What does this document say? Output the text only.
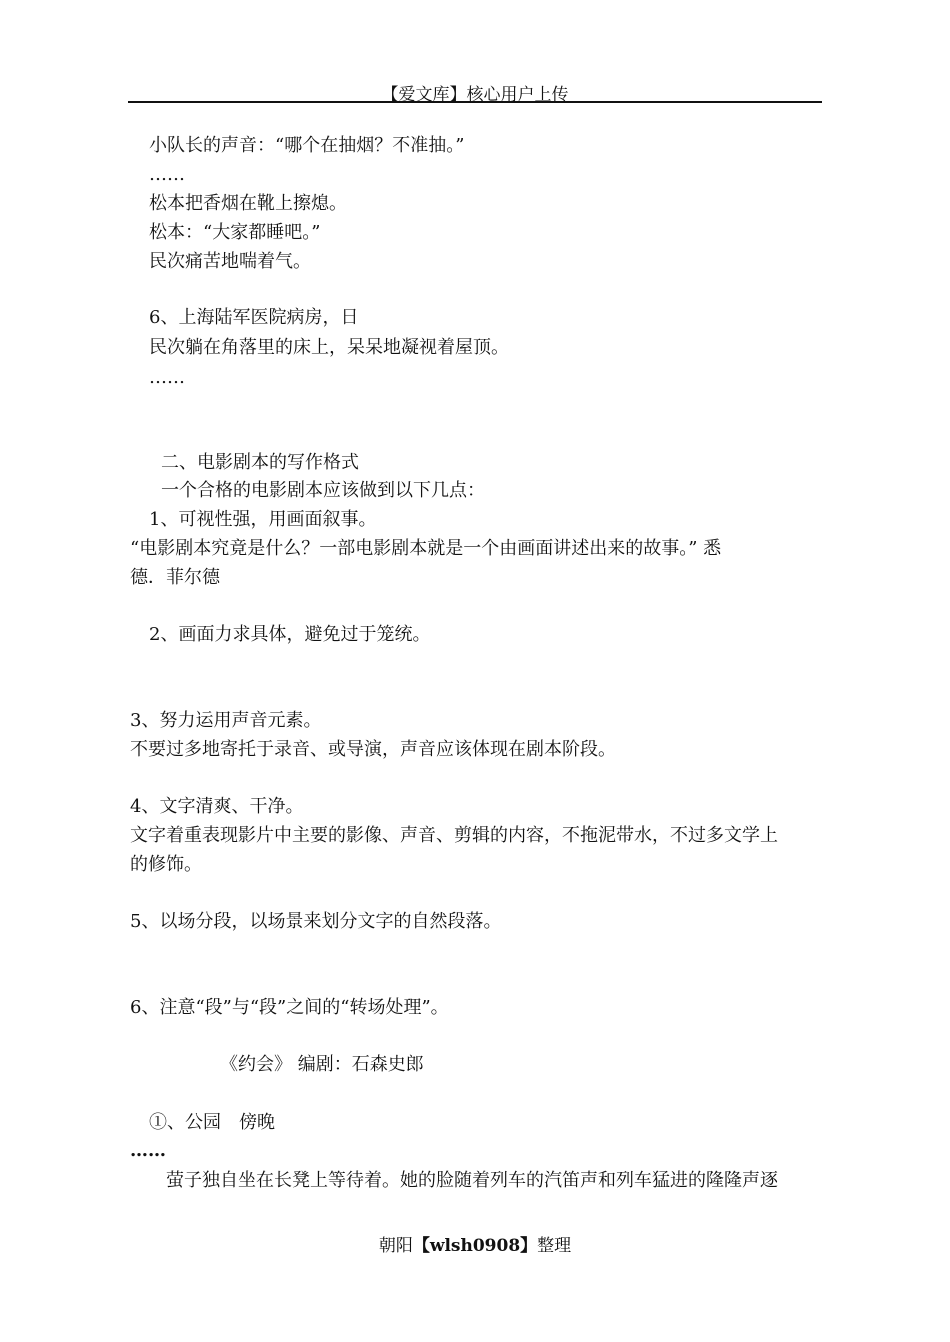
【爱文库】核心用户上传
小队长的声音：“哪个在抽烟？不准抽。”
……
松本把香烟在靴上擦熄。
松本：“大家都睡吧。”
民次痛苦地喘着气。
6、上海陆军医院病房，日
民次躺在角落里的床上，呆呆地凝视着屋顶。
……
二、电影剧本的写作格式
一个合格的电影剧本应该做到以下几点：
1、可视性强，用画面叙事。
“电影剧本究竟是什么？一部电影剧本就是一个由画面讲述出来的故事。” 悉
德．菲尔德
2、画面力求具体，避免过于笼统。
3、努力运用声音元素。
不要过多地寄托于录音、或导演，声音应该体现在剧本阶段。
4、文字清爽、干净。
文字着重表现影片中主要的影像、声音、剪辑的内容，不拖泥带水，不过多文学上
的修饰。
5、以场分段，以场景来划分文字的自然段落。
6、注意“段”与“段”之间的“转场处理”。
《约会》 编剧：石森史郎
①、公园　傍晚
……
萤子独自坐在长凳上等待着。她的脸随着列车的汽笛声和列车猛进的隆隆声逐
朝阳【wlsh0908】整理
